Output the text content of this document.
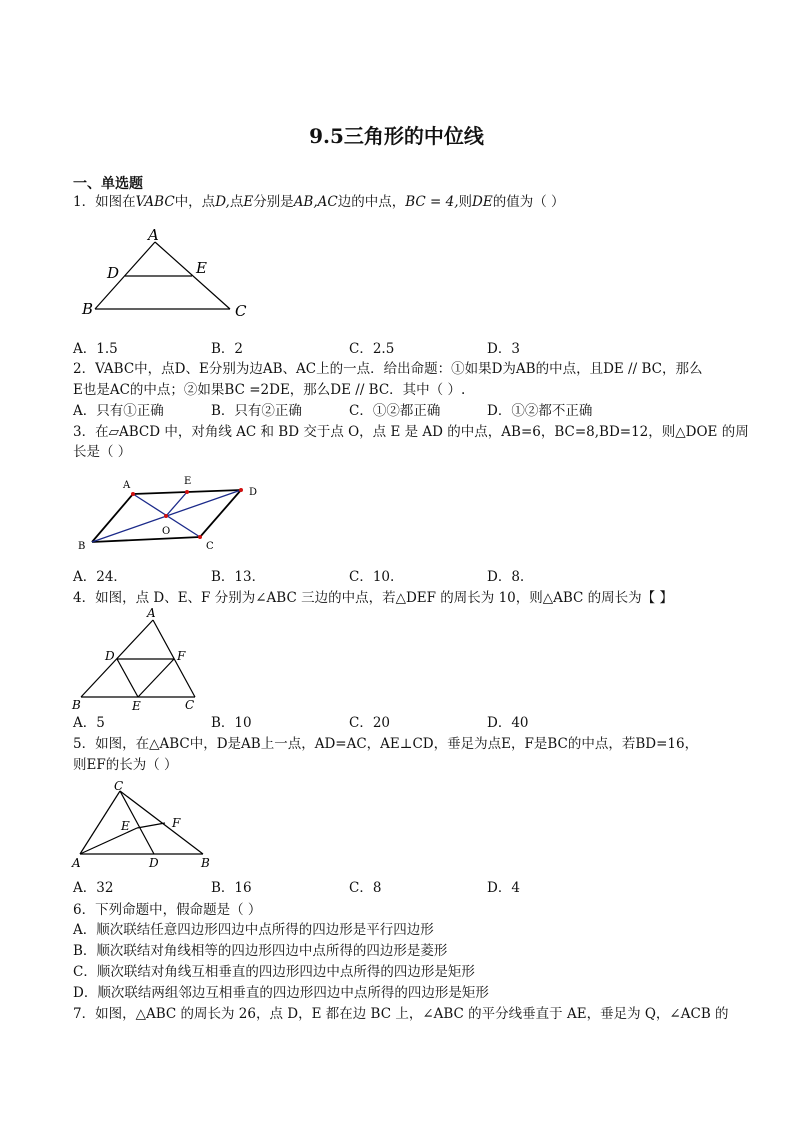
9.5三角形的中位线
一、单选题
1．如图在VABC中，点D,点E分别是AB,AC边的中点，BC = 4,则DE的值为（ ）
A
B	C
D	E
A．1.5	B．2	C．2.5	D．3
2．VABC中，点D、E分别为边AB、AC上的一点．给出命题：①如果D为AB的中点，且DE // BC，那么
E也是AC的中点；②如果BC =2DE，那么DE // BC．其中（ ）.
A．只有①正确	B．只有②正确	C．①②都正确	D．①②都不正确
3．在▱ABCD 中，对角线 AC 和 BD 交于点 O，点 E 是 AD 的中点，AB=6，BC=8,BD=12，则△DOE 的周
长是（ ）
A	E
D
O
B	C
A．24．	B．13．	C．10.	D．8.
4．如图，点 D、E、F 分别为∠ABC 三边的中点，若△DEF 的周长为 10，则△ABC 的周长为【 】
A
D	F
B	E	C
A．5	B．10	C．20	D．40
5．如图，在△ABC中，D是AB上一点，AD=AC，AE⊥CD，垂足为点E，F是BC的中点，若BD=16，
则EF的长为（ ）
C
E	F
A	D	B
A．32	B．16	C．8	D．4
6．下列命题中，假命题是（ ）
A．顺次联结任意四边形四边中点所得的四边形是平行四边形
B．顺次联结对角线相等的四边形四边中点所得的四边形是菱形
C．顺次联结对角线互相垂直的四边形四边中点所得的四边形是矩形
D．顺次联结两组邻边互相垂直的四边形四边中点所得的四边形是矩形
7．如图，△ABC 的周长为 26，点 D，E 都在边 BC 上，∠ABC 的平分线垂直于 AE，垂足为 Q，∠ACB 的
